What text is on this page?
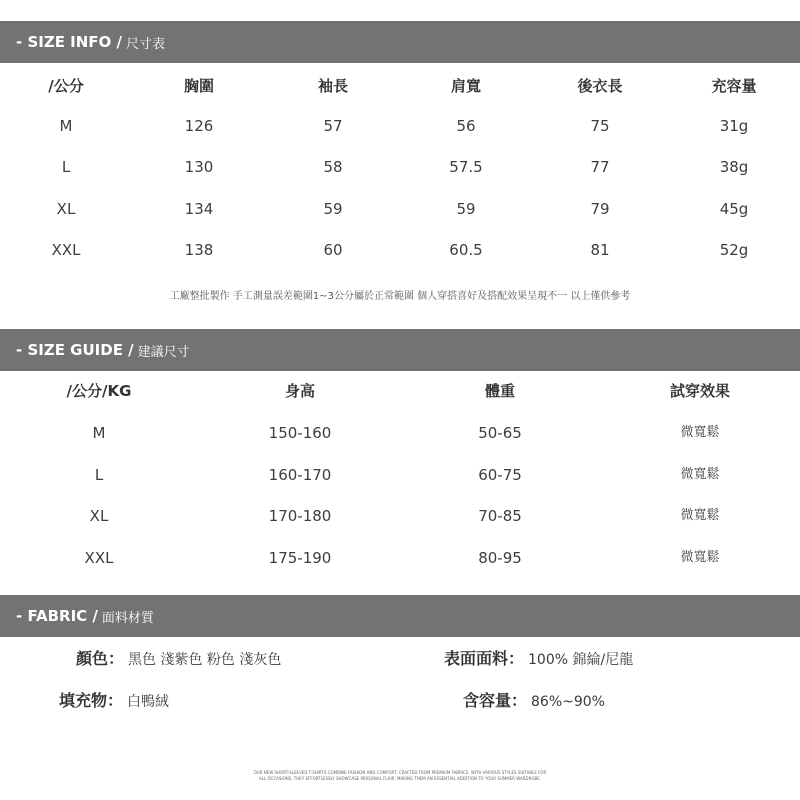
- SIZE INFO / 尺寸表
/公分	胸圍	袖長	肩寬	後衣長	充容量
M	126	57	56	75	31g
L	130	58	57.5	77	38g
XL	134	59	59	79	45g
XXL	138	60	60.5	81	52g
工廠整批製作 手工測量誤差範圍1~3公分屬於正常範圍 個人穿搭喜好及搭配效果呈現不一 以上僅供參考
- SIZE GUIDE / 建議尺寸
/公分/KG	身高	體重	試穿效果
M	150-160	50-65	微寬鬆
L	160-170	60-75	微寬鬆
XL	170-180	70-85	微寬鬆
XXL	175-190	80-95	微寬鬆
- FABRIC / 面料材質
顏色： 黑色 淺紫色 粉色 淺灰色	表面面料： 100% 錦綸/尼龍
填充物： 白鴨絨	含容量： 86%~90%
OUR NEW SHORT-SLEEVED T-SHIRTS COMBINE FASHION AND COMFORT, CRAFTED FROM PREMIUM FABRICS. WITH VARIOUS STYLES SUITABLE FOR
ALL OCCASIONS, THEY EFFORTLESSLY SHOWCASE PERSONAL FLAIR, MAKING THEM AN ESSENTIAL ADDITION TO YOUR SUMMER WARDROBE.
